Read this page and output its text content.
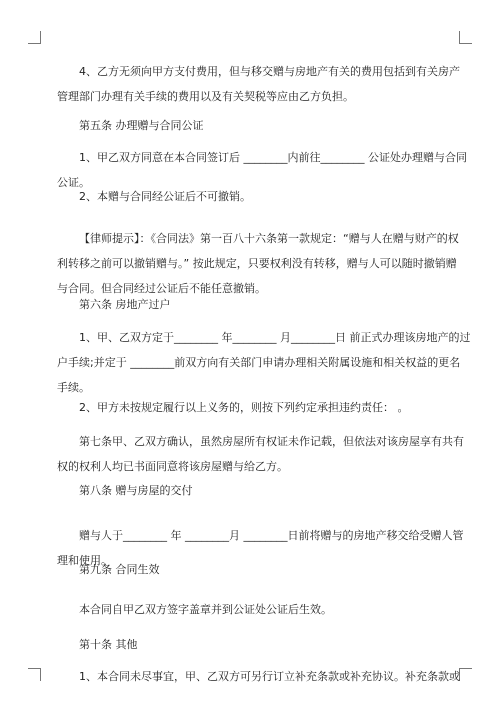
4、乙方无须向甲方支付费用，但与移交赠与房地产有关的费用包括到有关房产

管理部门办理有关手续的费用以及有关契税等应由乙方负担。

第五条 办理赠与合同公证

1、甲乙双方同意在本合同签订后 ________内前往________ 公证处办理赠与合同

公证。

2、本赠与合同经公证后不可撤销。

【律师提示】：《合同法》第一百八十六条第一款规定：“赠与人在赠与财产的权

利转移之前可以撤销赠与。” 按此规定，只要权利没有转移，赠与人可以随时撤销赠

与合同。但合同经过公证后不能任意撤销。

第六条 房地产过户

1、甲、乙双方定于________ 年________ 月________日 前正式办理该房地产的过

户手续;并定于 ________前双方向有关部门申请办理相关附属设施和相关权益的更名

手续。

2、甲方未按规定履行以上义务的，则按下列约定承担违约责任： 。

第七条甲、乙双方确认，虽然房屋所有权证未作记载，但依法对该房屋享有共有

权的权利人均已书面同意将该房屋赠与给乙方。

第八条 赠与房屋的交付

赠与人于________ 年 ________月 ________日前将赠与的房地产移交给受赠人管

理和使用。

第九条 合同生效

本合同自甲乙双方签字盖章并到公证处公证后生效。

第十条 其他

1、本合同未尽事宜，甲、乙双方可另行订立补充条款或补充协议。补充条款或
